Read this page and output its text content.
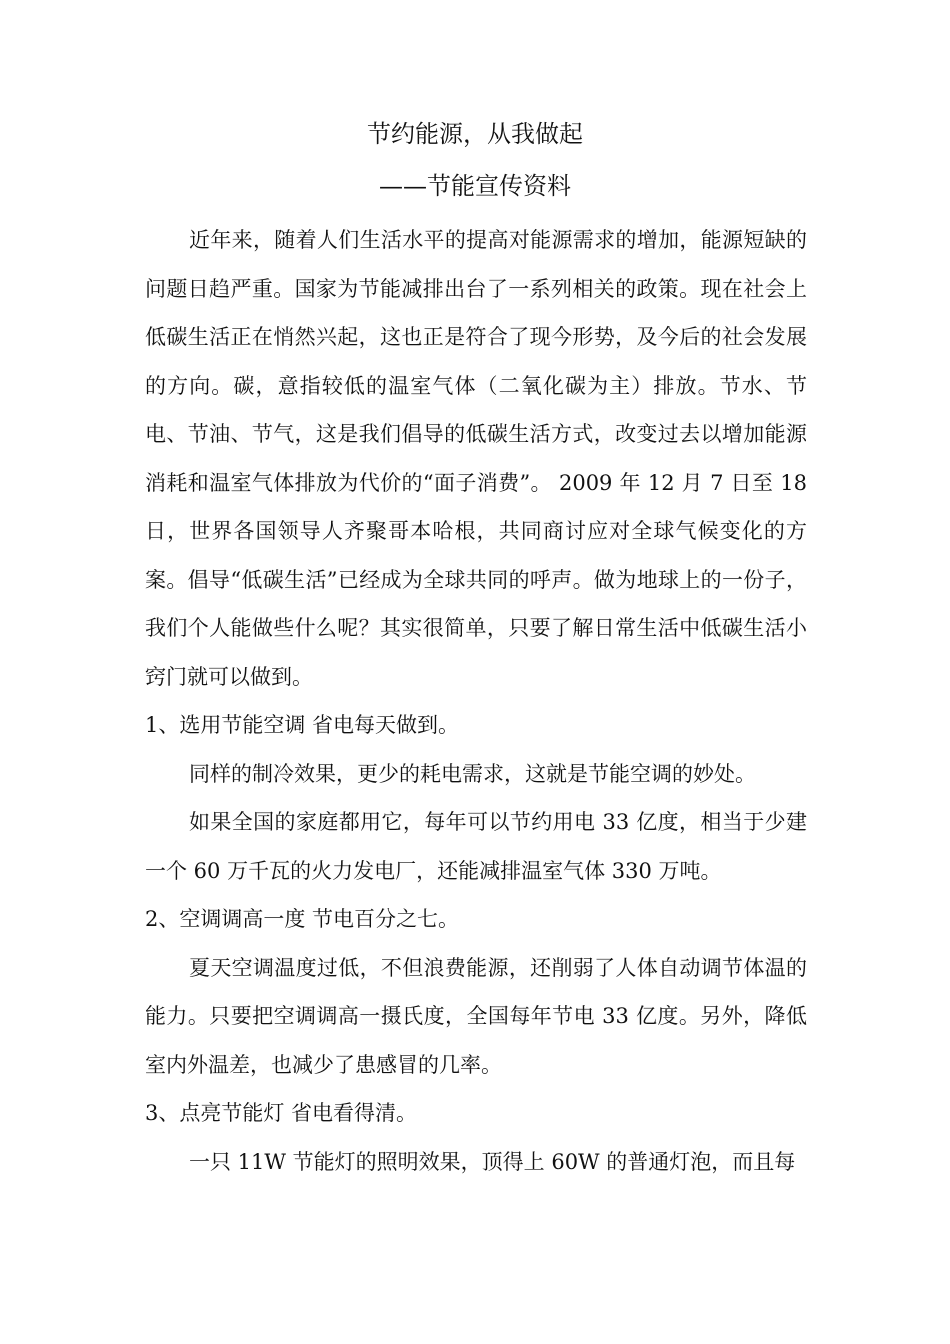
节约能源，从我做起
——节能宣传资料

近年来，随着人们生活水平的提高对能源需求的增加，能源短缺的问题日趋严重。国家为节能减排出台了一系列相关的政策。现在社会上低碳生活正在悄然兴起，这也正是符合了现今形势，及今后的社会发展的方向。碳，意指较低的温室气体（二氧化碳为主）排放。节水、节电、节油、节气，这是我们倡导的低碳生活方式，改变过去以增加能源消耗和温室气体排放为代价的“面子消费”。 2009 年 12 月 7 日至 18 日，世界各国领导人齐聚哥本哈根，共同商讨应对全球气候变化的方案。倡导“低碳生活”已经成为全球共同的呼声。做为地球上的一份子，我们个人能做些什么呢？其实很简单，只要了解日常生活中低碳生活小窍门就可以做到。

1、选用节能空调 省电每天做到。

同样的制冷效果，更少的耗电需求，这就是节能空调的妙处。

如果全国的家庭都用它，每年可以节约用电 33 亿度，相当于少建一个 60 万千瓦的火力发电厂，还能减排温室气体 330 万吨。

2、空调调高一度 节电百分之七。

夏天空调温度过低，不但浪费能源，还削弱了人体自动调节体温的能力。只要把空调调高一摄氏度，全国每年节电 33 亿度。另外，降低室内外温差，也减少了患感冒的几率。

3、点亮节能灯 省电看得清。

一只 11W 节能灯的照明效果，顶得上 60W 的普通灯泡，而且每
